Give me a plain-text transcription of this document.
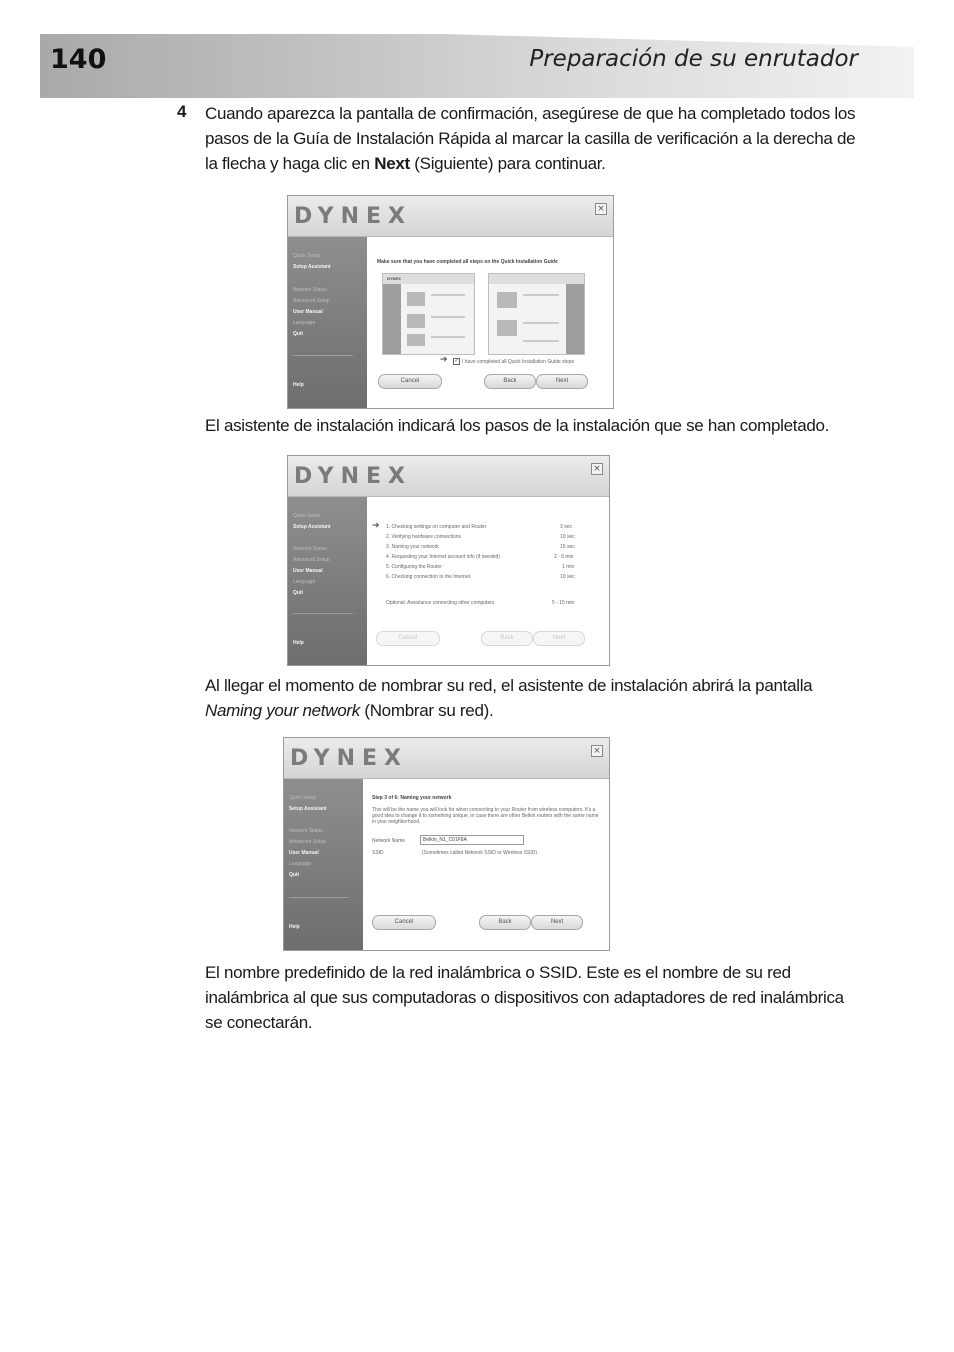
140	Preparación de su enrutador
4 Cuando aparezca la pantalla de confirmación, asegúrese de que ha completado todos los pasos de la Guía de Instalación Rápida al marcar la casilla de verificación a la derecha de la flecha y haga clic en Next (Siguiente) para continuar.
DYNEX	×
Quick Setup
Setup Assistant
Network Status
Advanced Setup
User Manual
Language
Quit
Help
Make sure that you have completed all steps on the Quick Installation Guide
DYNEX
➔ ✓ I have completed all Quick Installation Guide steps
Cancel	Back	Next
El asistente de instalación indicará los pasos de la instalación que se han completado.
DYNEX	×
Quick Setup
Setup Assistant
Network Status
Advanced Setup
User Manual
Language
Quit
Help
➔ 1. Checking settings on computer and Router	3 sec
2. Verifying hardware connections	10 sec
3. Naming your network	15 sec
4. Requesting your Internet account info (if needed)	2 - 5 min
5. Configuring the Router	1 min
6. Checking connection to the Internet	10 sec
Optional: Assistance connecting other computers	5 - 15 min
Cancel	Back	Next
Al llegar el momento de nombrar su red, el asistente de instalación abrirá la pantalla Naming your network (Nombrar su red).
DYNEX	×
Quick Setup
Setup Assistant
Network Status
Advanced Setup
User Manual
Language
Quit
Help
Step 3 of 6: Naming your network
This will be the name you will look for when connecting to your Router from wireless computers. It's a good idea to change it to something unique, in case there are other Belkin routers with the same name in your neighborhood.
Network Name	Belkin_N1_C01F8A
SSID	(Sometimes called Network SSID or Wireless SSID)
Cancel	Back	Next
El nombre predefinido de la red inalámbrica o SSID. Este es el nombre de su red inalámbrica al que sus computadoras o dispositivos con adaptadores de red inalámbrica se conectarán.
